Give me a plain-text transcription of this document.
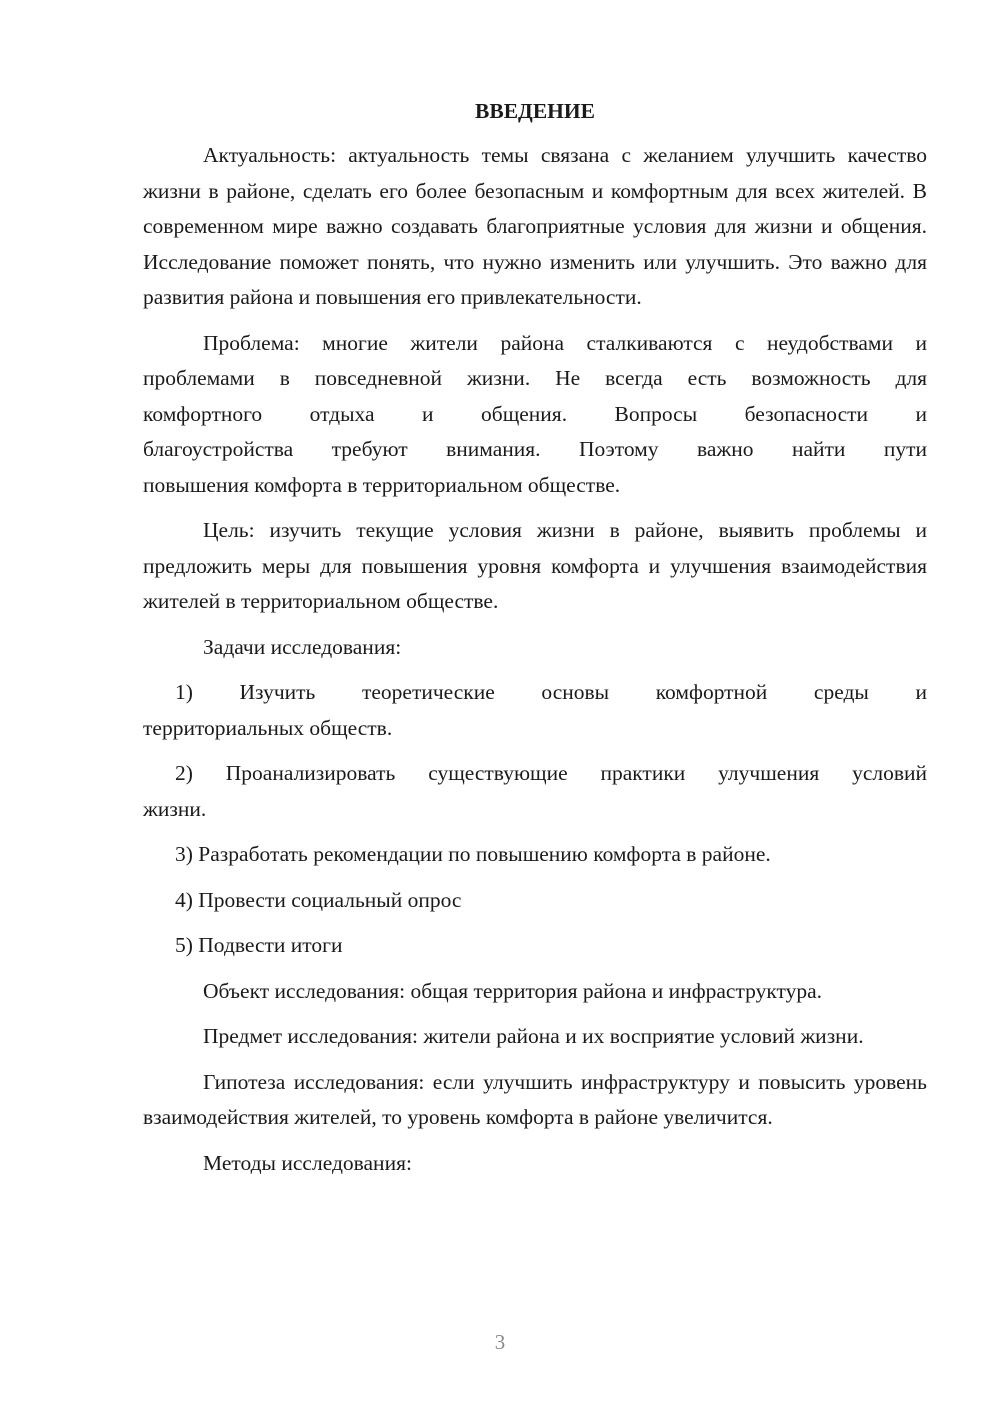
ВВЕДЕНИЕ

Актуальность: актуальность темы связана с желанием улучшить качество жизни в районе, сделать его более безопасным и комфортным для всех жителей. В современном мире важно создавать благоприятные условия для жизни и общения. Исследование поможет понять, что нужно изменить или улучшить. Это важно для развития района и повышения его привлекательности.

Проблема: многие жители района сталкиваются с неудобствами и
проблемами в повседневной жизни. Не всегда есть возможность для
комфортного отдыха и общения. Вопросы безопасности и
благоустройства требуют внимания. Поэтому важно найти пути
повышения комфорта в территориальном обществе.

Цель: изучить текущие условия жизни в районе, выявить проблемы и предложить меры для повышения уровня комфорта и улучшения взаимодействия жителей в территориальном обществе.

Задачи исследования:

1) Изучить теоретические основы комфортной среды и
территориальных обществ.
2) Проанализировать существующие практики улучшения условий
жизни.
3) Разработать рекомендации по повышению комфорта в районе.
4) Провести социальный опрос
5) Подвести итоги

Объект исследования: общая территория района и инфраструктура.

Предмет исследования: жители района и их восприятие условий жизни.

Гипотеза исследования: если улучшить инфраструктуру и повысить уровень взаимодействия жителей, то уровень комфорта в районе увеличится.

Методы исследования:

3
